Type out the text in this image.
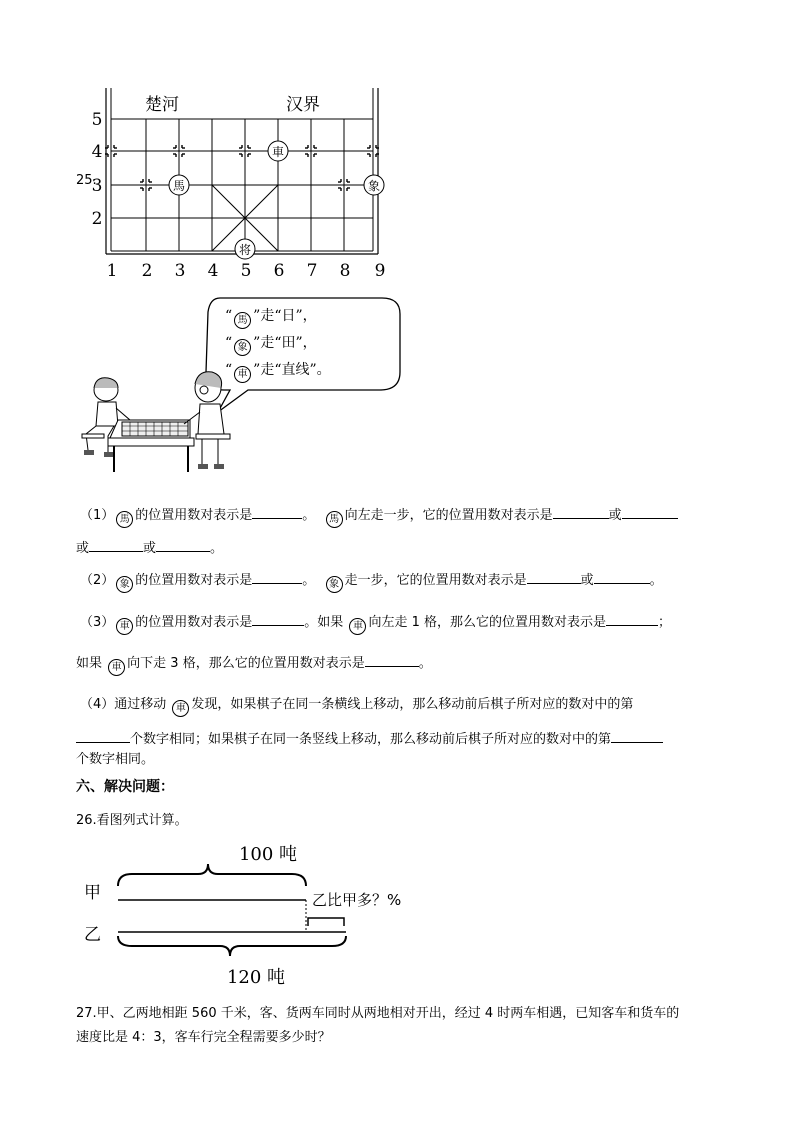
25.
楚河	汉界
5
4
3
2
1 2 3 4 5 6 7 8 9
馬
車
象
将
“ 馬 ”走“日”，
“ 象 ”走“田”，
“ 車 ”走“直线”。
（1） 馬 的位置用数对表示是	。 馬 向左走一步，它的位置用数对表示是	或
或	或	。
（2） 象 的位置用数对表示是	。 象 走一步，它的位置用数对表示是	或	。
（3） 車 的位置用数对表示是	。如果 車 向左走 1 格，那么它的位置用数对表示是	；
如果 車 向下走 3 格，那么它的位置用数对表示是	。
（4）通过移动 車 发现，如果棋子在同一条横线上移动，那么移动前后棋子所对应的数对中的第
个数字相同；如果棋子在同一条竖线上移动，那么移动前后棋子所对应的数对中的第
个数字相同。
六、解决问题：
26.看图列式计算。
100 吨
甲	乙比甲多？%
乙
120 吨
27.甲、乙两地相距 560 千米，客、货两车同时从两地相对开出，经过 4 时两车相遇，已知客车和货车的
速度比是 4：3，客车行完全程需要多少时？
